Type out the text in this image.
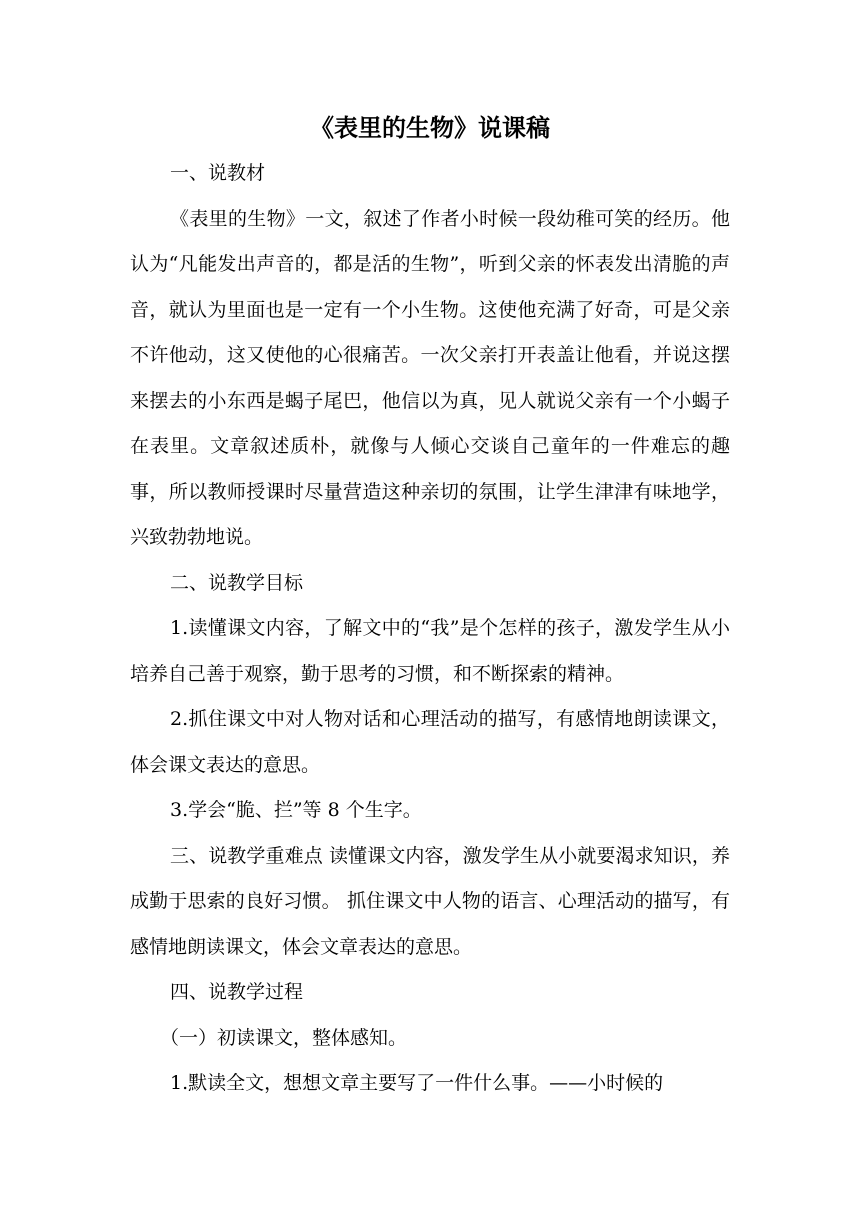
《表里的生物》说课稿

一、说教材

《表里的生物》一文，叙述了作者小时候一段幼稚可笑的经历。他认为“凡能发出声音的，都是活的生物”，听到父亲的怀表发出清脆的声音，就认为里面也是一定有一个小生物。这使他充满了好奇，可是父亲不许他动，这又使他的心很痛苦。一次父亲打开表盖让他看，并说这摆来摆去的小东西是蝎子尾巴，他信以为真，见人就说父亲有一个小蝎子在表里。文章叙述质朴，就像与人倾心交谈自己童年的一件难忘的趣事，所以教师授课时尽量营造这种亲切的氛围，让学生津津有味地学，兴致勃勃地说。

二、说教学目标

1.读懂课文内容，了解文中的“我”是个怎样的孩子，激发学生从小培养自己善于观察，勤于思考的习惯，和不断探索的精神。

2.抓住课文中对人物对话和心理活动的描写，有感情地朗读课文，体会课文表达的意思。

3.学会“脆、拦”等 8 个生字。

三、说教学重难点 读懂课文内容，激发学生从小就要渴求知识，养成勤于思索的良好习惯。 抓住课文中人物的语言、心理活动的描写，有感情地朗读课文，体会文章表达的意思。

四、说教学过程

（一）初读课文，整体感知。

1.默读全文，想想文章主要写了一件什么事。——小时候的
